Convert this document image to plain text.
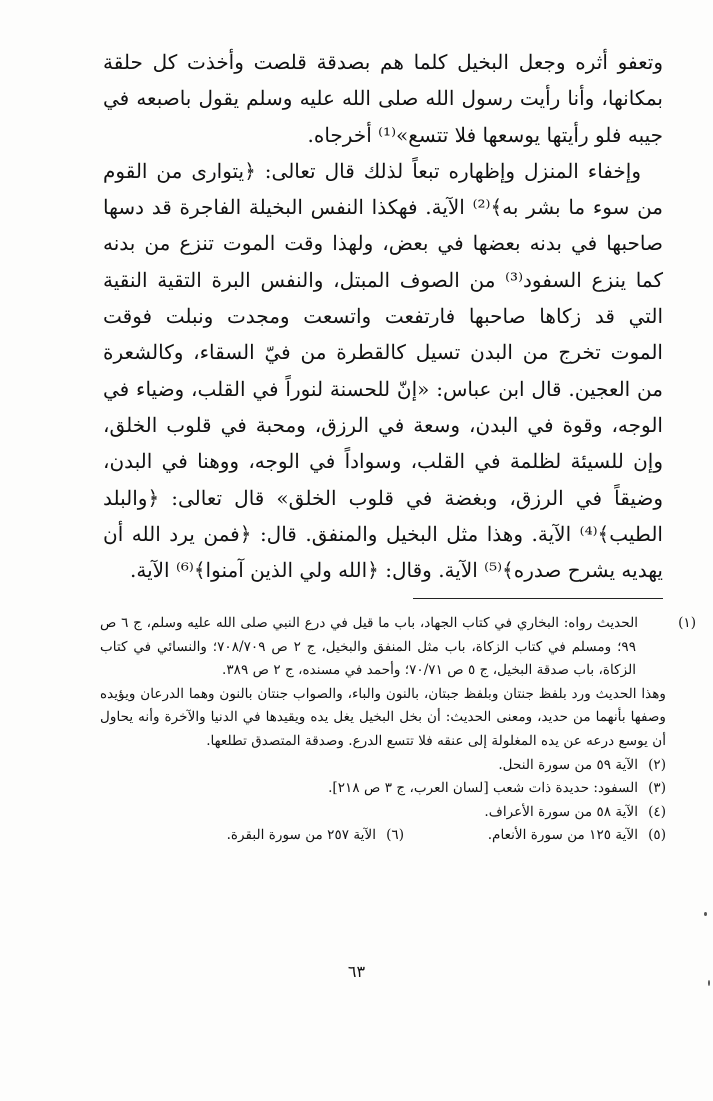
وتعفو أثره وجعل البخيل كلما هم بصدقة قلصت وأخذت كل حلقة بمكانها، وأنا رأيت رسول الله صلى الله عليه وسلم يقول باصبعه في جيبه فلو رأيتها يوسعها فلا تتسع»⁽¹⁾ أخرجاه.

وإخفاء المنزل وإظهاره تبعاً لذلك قال تعالى: ﴿يتوارى من القوم من سوء ما بشر به﴾⁽²⁾ الآية. فهكذا النفس البخيلة الفاجرة قد دسها صاحبها في بدنه بعضها في بعض، ولهذا وقت الموت تنزع من بدنه كما ينزع السفود⁽³⁾ من الصوف المبتل، والنفس البرة التقية النقية التي قد زكاها صاحبها فارتفعت واتسعت ومجدت ونبلت فوقت الموت تخرج من البدن تسيل كالقطرة من فيّ السقاء، وكالشعرة من العجين. قال ابن عباس: «إنّ للحسنة لنوراً في القلب، وضياء في الوجه، وقوة في البدن، وسعة في الرزق، ومحبة في قلوب الخلق، وإن للسيئة لظلمة في القلب، وسواداً في الوجه، ووهنا في البدن، وضيقاً في الرزق، وبغضة في قلوب الخلق» قال تعالى: ﴿والبلد الطيب﴾⁽⁴⁾ الآية. وهذا مثل البخيل والمنفق. قال: ﴿فمن يرد الله أن يهديه يشرح صدره﴾⁽⁵⁾ الآية. وقال: ﴿الله ولي الذين آمنوا﴾⁽⁶⁾ الآية.

(١)الحديث رواه: البخاري في كتاب الجهاد، باب ما قيل في درع النبي صلى الله عليه وسلم، ج ٦ ص ٩٩؛ ومسلم في كتاب الزكاة، باب مثل المنفق والبخيل، ج ٢ ص ٧٠٨/٧٠٩؛ والنسائي في كتاب الزكاة، باب صدقة البخيل، ج ٥ ص ٧٠/٧١؛ وأحمد في مسنده، ج ٢ ص ٣٨٩.

وهذا الحديث ورد بلفظ جنتان وبلفظ جبتان، بالنون والباء، والصواب جنتان بالنون وهما الدرعان ويؤيده وصفها بأنهما من حديد، ومعنى الحديث: أن بخل البخيل يغل يده ويقيدها في الدنيا والآخرة وأنه يحاول أن يوسع درعه عن يده المغلولة إلى عنقه فلا تتسع الدرع. وصدقة المتصدق تطلعها.

(٢)الآية ٥٩ من سورة النحل.

(٣)السفود: حديدة ذات شعب [لسان العرب، ج ٣ ص ٢١٨].

(٤)الآية ٥٨ من سورة الأعراف.

(٥)الآية ١٢٥ من سورة الأنعام.
(٦)الآية ٢٥٧ من سورة البقرة.
٦٣
